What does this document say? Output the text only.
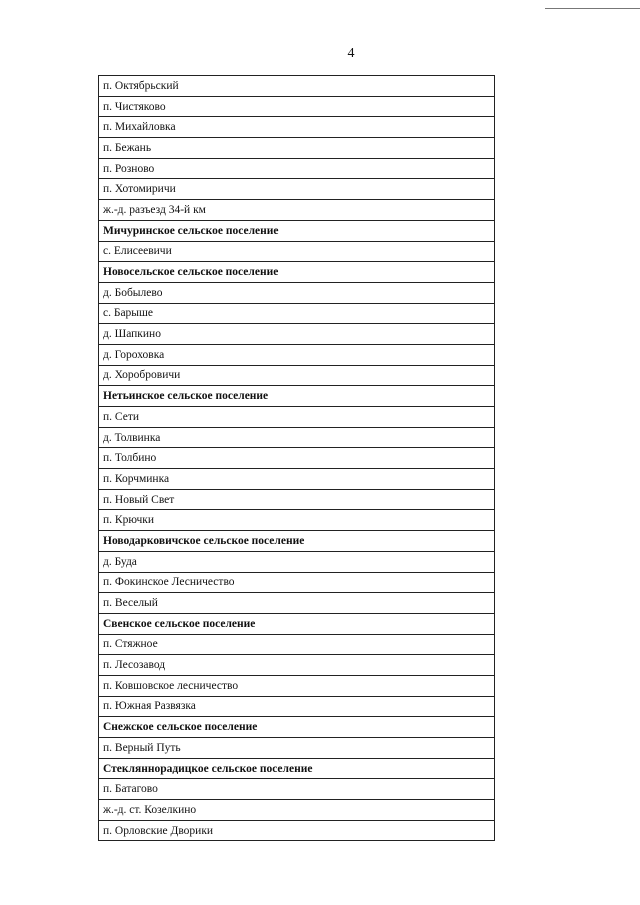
4
п. Октябрьский
п. Чистяково
п. Михайловка
п. Бежань
п. Розново
п. Хотомиричи
ж.-д. разъезд 34-й км
Мичуринское сельское поселение
с. Елисеевичи
Новосельское сельское поселение
д. Бобылево
с. Барыше
д. Шапкино
д. Гороховка
д. Хоробровичи
Нетьинское сельское поселение
п. Сети
д. Толвинка
п. Толбино
п. Корчминка
п. Новый Свет
п. Крючки
Новодарковичское сельское поселение
д. Буда
п. Фокинское Лесничество
п. Веселый
Свенское сельское поселение
п. Стяжное
п. Лесозавод
п. Ковшовское лесничество
п. Южная Развязка
Снежское сельское поселение
п. Верный Путь
Стекляннорадицкое сельское поселение
п. Батагово
ж.-д. ст. Козелкино
п. Орловские Дворики
